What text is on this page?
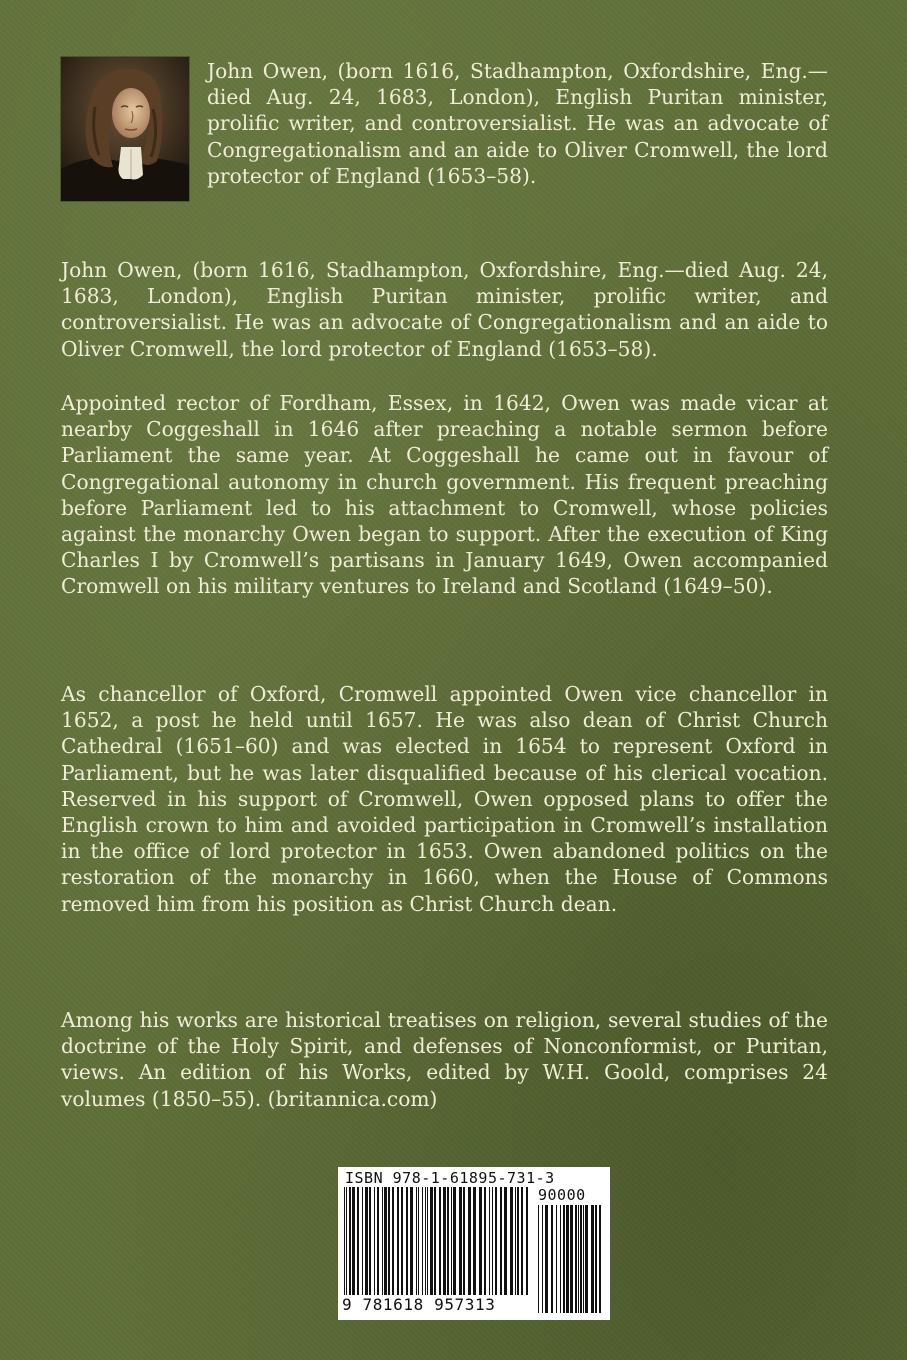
John Owen, (born 1616, Stadhampton, Oxfordshire, Eng.—died Aug. 24, 1683, London), English Puritan minister, prolific writer, and controversialist. He was an advocate of Congregationalism and an aide to Oliver Cromwell, the lord protector of England (1653–58).

John Owen, (born 1616, Stadhampton, Oxfordshire, Eng.—died Aug. 24, 1683, London), English Puritan minister, prolific writer, and controversialist. He was an advocate of Congregationalism and an aide to Oliver Cromwell, the lord protector of England (1653–58).

Appointed rector of Fordham, Essex, in 1642, Owen was made vicar at nearby Coggeshall in 1646 after preaching a notable sermon before Parliament the same year. At Coggeshall he came out in favour of Congregational autonomy in church government. His frequent preaching before Parliament led to his attachment to Cromwell, whose policies against the monarchy Owen began to support. After the execution of King Charles I by Cromwell’s partisans in January 1649, Owen accompanied Cromwell on his military ventures to Ireland and Scotland (1649–50).

As chancellor of Oxford, Cromwell appointed Owen vice chancellor in 1652, a post he held until 1657. He was also dean of Christ Church Cathedral (1651–60) and was elected in 1654 to represent Oxford in Parliament, but he was later disqualified because of his clerical vocation. Reserved in his support of Cromwell, Owen opposed plans to offer the English crown to him and avoided participation in Cromwell’s installation in the office of lord protector in 1653. Owen abandoned politics on the restoration of the monarchy in 1660, when the House of Commons removed him from his position as Christ Church dean.

Among his works are historical treatises on religion, several studies of the doctrine of the Holy Spirit, and defenses of Nonconformist, or Puritan, views. An edition of his Works, edited by W.H. Goold, comprises 24 volumes (1850–55). (britannica.com)

ISBN 978-1-61895-731-3
90000
9 781618 957313
